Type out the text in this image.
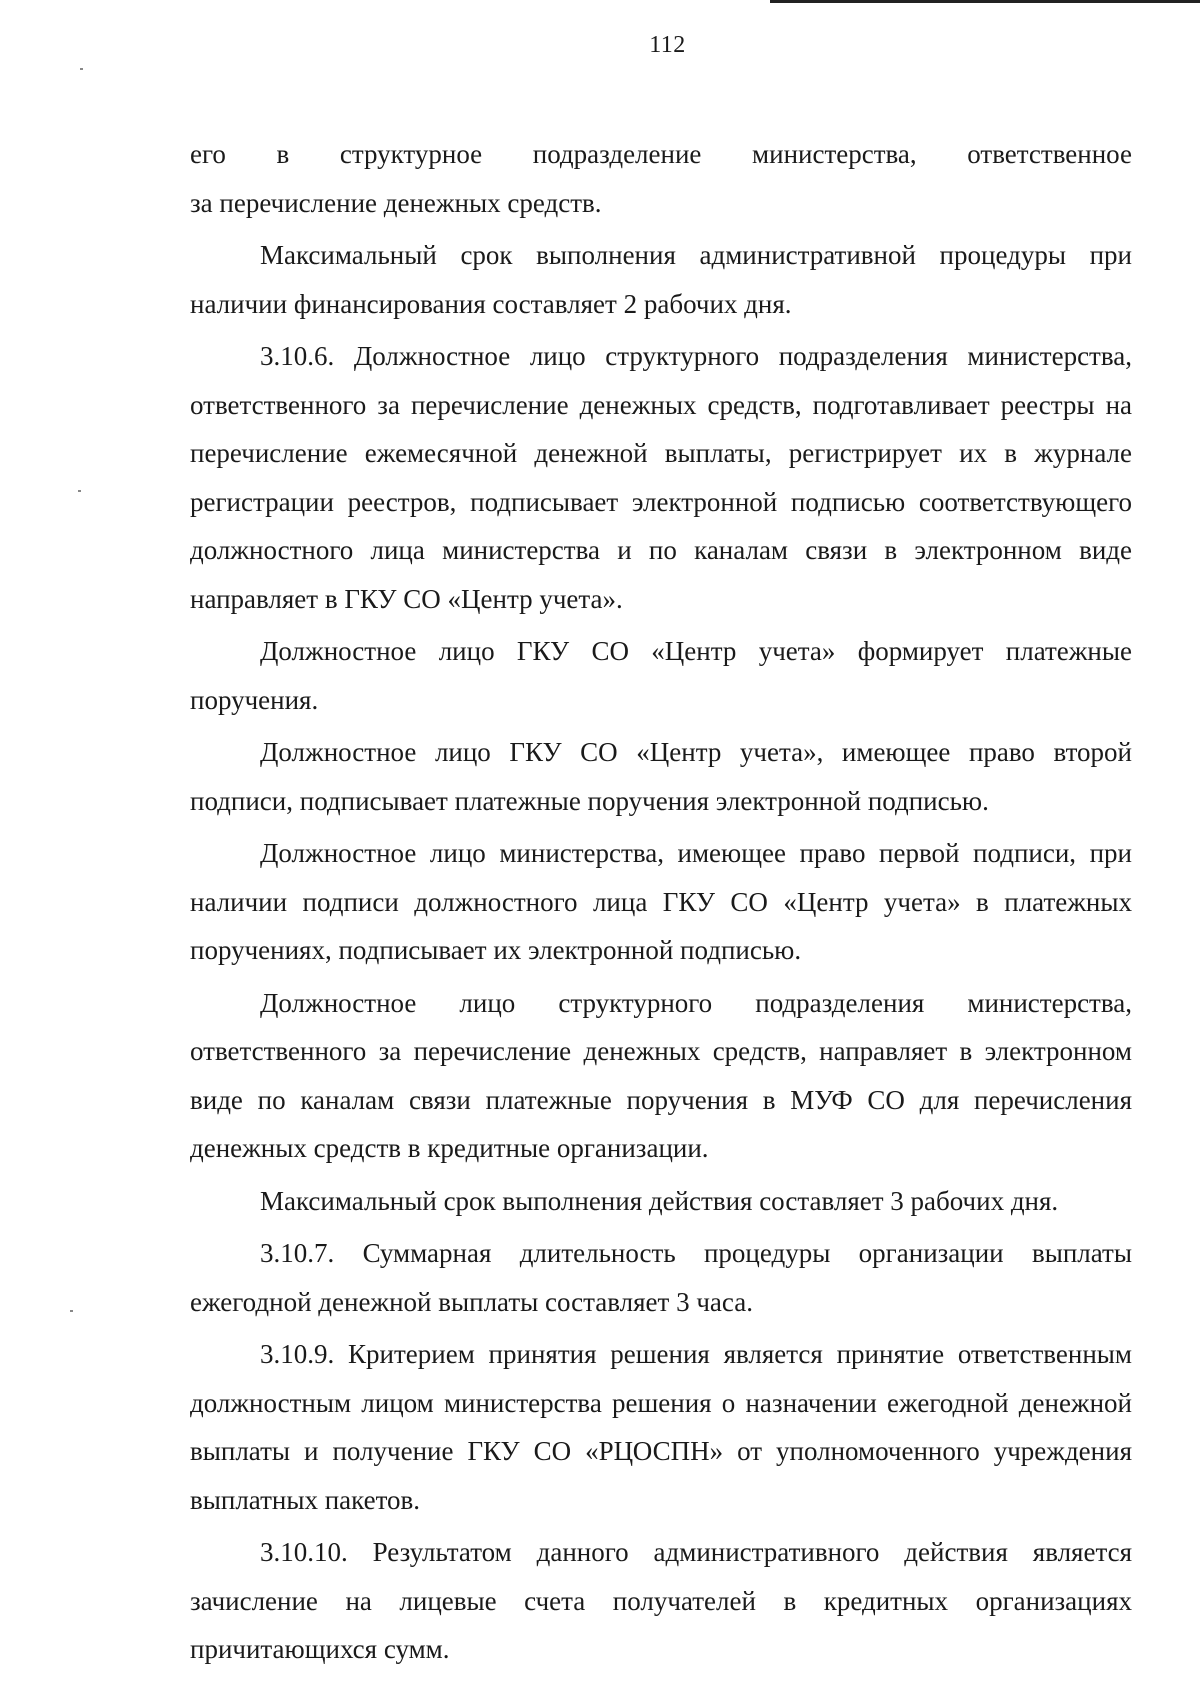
112

его в структурное подразделение министерства, ответственное
за перечисление денежных средств.

Максимальный срок выполнения административной процедуры при наличии финансирования составляет 2 рабочих дня.

3.10.6. Должностное лицо структурного подразделения министерства, ответственного за перечисление денежных средств, подготавливает реестры на перечисление ежемесячной денежной выплаты, регистрирует их в журнале регистрации реестров, подписывает электронной подписью соответствующего должностного лица министерства и по каналам связи в электронном виде направляет в ГКУ СО «Центр учета».

Должностное лицо ГКУ СО «Центр учета» формирует платежные поручения.

Должностное лицо ГКУ СО «Центр учета», имеющее право второй подписи, подписывает платежные поручения электронной подписью.

Должностное лицо министерства, имеющее право первой подписи, при наличии подписи должностного лица ГКУ СО «Центр учета» в платежных поручениях, подписывает их электронной подписью.

Должностное лицо структурного подразделения министерства, ответственного за перечисление денежных средств, направляет в электронном виде по каналам связи платежные поручения в МУФ СО для перечисления денежных средств в кредитные организации.

Максимальный срок выполнения действия составляет 3 рабочих дня.

3.10.7. Суммарная длительность процедуры организации выплаты ежегодной денежной выплаты составляет 3 часа.

3.10.9. Критерием принятия решения является принятие ответственным должностным лицом министерства решения о назначении ежегодной денежной выплаты и получение ГКУ СО «РЦОСПН» от уполномоченного учреждения выплатных пакетов.

3.10.10. Результатом данного административного действия является зачисление на лицевые счета получателей в кредитных организациях причитающихся сумм.
